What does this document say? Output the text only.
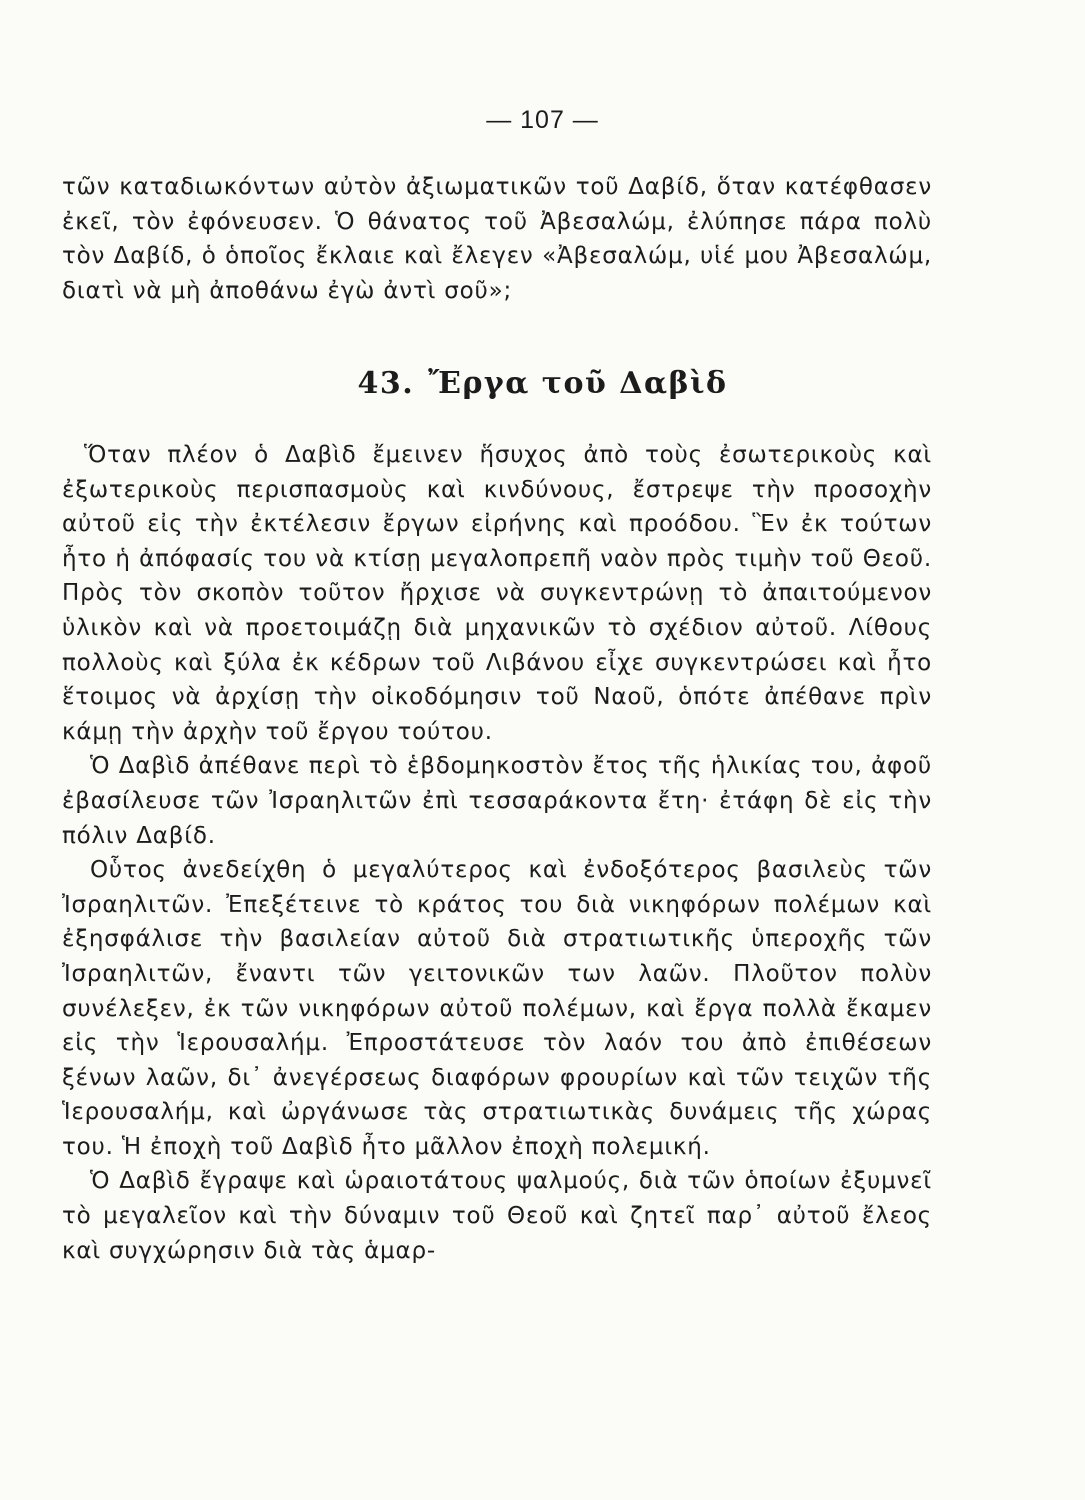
— 107 —

τῶν καταδιωκόντων αὐτὸν ἀξιωματικῶν τοῦ Δαβίδ, ὅταν κατέφθασεν ἐκεῖ, τὸν ἐφόνευσεν. Ὁ θάνατος τοῦ Ἀβεσαλώμ, ἐλύπησε πάρα πολὺ τὸν Δαβίδ, ὁ ὁποῖος ἔκλαιε καὶ ἔλεγεν «Ἀβεσαλώμ, υἱέ μου Ἀβεσαλώμ, διατὶ νὰ μὴ ἀποθάνω ἐγὼ ἀντὶ σοῦ»;

43. Ἔργα τοῦ Δαβὶδ

Ὅταν πλέον ὁ Δαβὶδ ἔμεινεν ἥσυχος ἀπὸ τοὺς ἐσωτερικοὺς καὶ ἐξωτερικοὺς περισπασμοὺς καὶ κινδύνους, ἔστρεψε τὴν προσοχὴν αὐτοῦ εἰς τὴν ἐκτέλεσιν ἔργων εἰρήνης καὶ προόδου. Ἓν ἐκ τούτων ἦτο ἡ ἀπόφασίς του νὰ κτίσῃ μεγαλοπρεπῆ ναὸν πρὸς τιμὴν τοῦ Θεοῦ. Πρὸς τὸν σκοπὸν τοῦτον ἤρχισε νὰ συγκεντρώνῃ τὸ ἀπαιτούμενον ὑλικὸν καὶ νὰ προετοιμάζῃ διὰ μηχανικῶν τὸ σχέδιον αὐτοῦ. Λίθους πολλοὺς καὶ ξύλα ἐκ κέδρων τοῦ Λιβάνου εἶχε συγκεντρώσει καὶ ἦτο ἕτοιμος νὰ ἀρχίσῃ τὴν οἰκοδόμησιν τοῦ Ναοῦ, ὁπότε ἀπέθανε πρὶν κάμῃ τὴν ἀρχὴν τοῦ ἔργου τούτου.

Ὁ Δαβὶδ ἀπέθανε περὶ τὸ ἑβδομηκοστὸν ἔτος τῆς ἡλικίας του, ἀφοῦ ἐβασίλευσε τῶν Ἰσραηλιτῶν ἐπὶ τεσσαράκοντα ἔτη· ἐτάφη δὲ εἰς τὴν πόλιν Δαβίδ.

Οὗτος ἀνεδείχθη ὁ μεγαλύτερος καὶ ἐνδοξότερος βασιλεὺς τῶν Ἰσραηλιτῶν. Ἐπεξέτεινε τὸ κράτος του διὰ νικηφόρων πολέμων καὶ ἐξησφάλισε τὴν βασιλείαν αὐτοῦ διὰ στρατιωτικῆς ὑπεροχῆς τῶν Ἰσραηλιτῶν, ἔναντι τῶν γειτονικῶν των λαῶν. Πλοῦτον πολὺν συνέλεξεν, ἐκ τῶν νικηφόρων αὐτοῦ πολέμων, καὶ ἔργα πολλὰ ἔκαμεν εἰς τὴν Ἱερουσαλήμ. Ἐπροστάτευσε τὸν λαόν του ἀπὸ ἐπιθέσεων ξένων λαῶν, δι᾿ ἀνεγέρσεως διαφόρων φρουρίων καὶ τῶν τειχῶν τῆς Ἱερουσαλήμ, καὶ ὠργάνωσε τὰς στρατιωτικὰς δυνάμεις τῆς χώρας του. Ἡ ἐποχὴ τοῦ Δαβὶδ ἦτο μᾶλλον ἐποχὴ πολεμική.

Ὁ Δαβὶδ ἔγραψε καὶ ὡραιοτάτους ψαλμούς, διὰ τῶν ὁποίων ἐξυμνεῖ τὸ μεγαλεῖον καὶ τὴν δύναμιν τοῦ Θεοῦ καὶ ζητεῖ παρ᾿ αὐτοῦ ἔλεος καὶ συγχώρησιν διὰ τὰς ἁμαρ-
